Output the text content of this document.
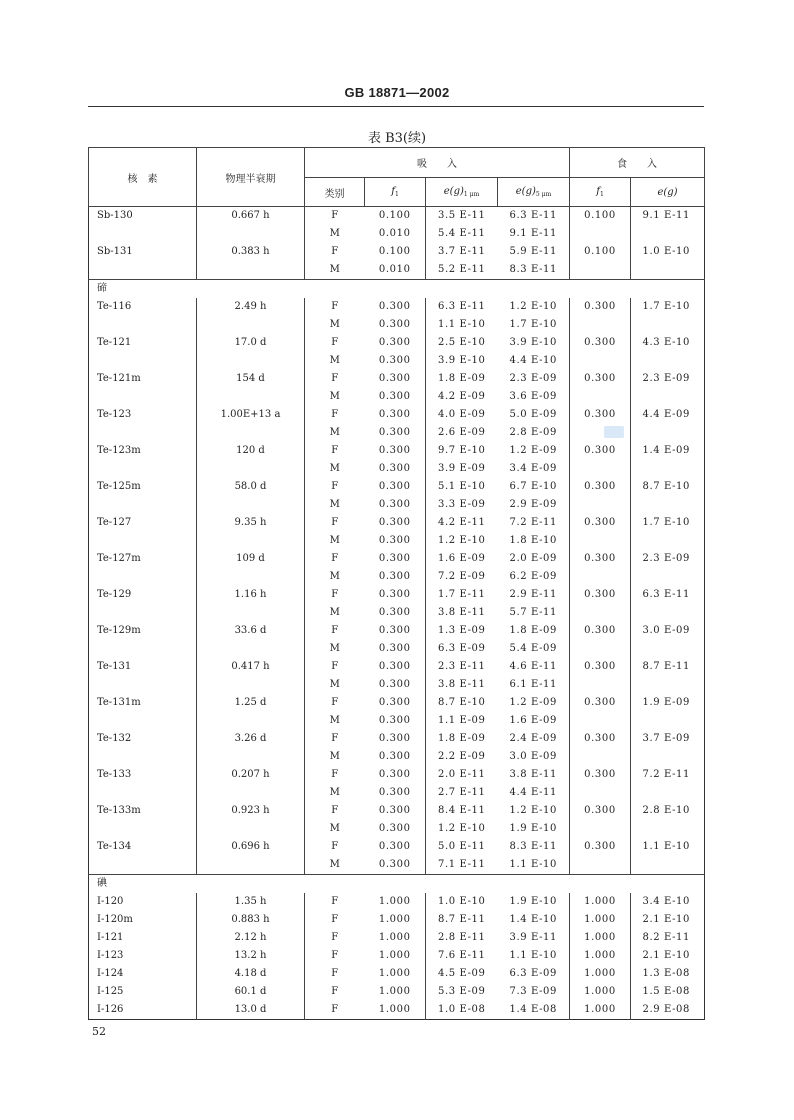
GB 18871—2002
表 B3(续)
核　素	物理半衰期	吸　　入				食　　入	
		类别	$f_1$	$e(g)_{1 \mu m}$	$e(g)_{5 \mu m}$	$f_1$	e(g)
Sb-130	0.667 h	F	0.100	3.5 E-11	6.3 E-11	0.100	9.1 E-11
		M	0.010	5.4 E-11	9.1 E-11		
Sb-131	0.383 h	F	0.100	3.7 E-11	5.9 E-11	0.100	1.0 E-10
		M	0.010	5.2 E-11	8.3 E-11		
碲							
Te-116	2.49 h	F	0.300	6.3 E-11	1.2 E-10	0.300	1.7 E-10
		M	0.300	1.1 E-10	1.7 E-10		
Te-121	17.0 d	F	0.300	2.5 E-10	3.9 E-10	0.300	4.3 E-10
		M	0.300	3.9 E-10	4.4 E-10		
Te-121m	154 d	F	0.300	1.8 E-09	2.3 E-09	0.300	2.3 E-09
		M	0.300	4.2 E-09	3.6 E-09		
Te-123	1.00E+13 a	F	0.300	4.0 E-09	5.0 E-09	0.300	4.4 E-09
		M	0.300	2.6 E-09	2.8 E-09		
Te-123m	120 d	F	0.300	9.7 E-10	1.2 E-09	0.300	1.4 E-09
		M	0.300	3.9 E-09	3.4 E-09		
Te-125m	58.0 d	F	0.300	5.1 E-10	6.7 E-10	0.300	8.7 E-10
		M	0.300	3.3 E-09	2.9 E-09		
Te-127	9.35 h	F	0.300	4.2 E-11	7.2 E-11	0.300	1.7 E-10
		M	0.300	1.2 E-10	1.8 E-10		
Te-127m	109 d	F	0.300	1.6 E-09	2.0 E-09	0.300	2.3 E-09
		M	0.300	7.2 E-09	6.2 E-09		
Te-129	1.16 h	F	0.300	1.7 E-11	2.9 E-11	0.300	6.3 E-11
		M	0.300	3.8 E-11	5.7 E-11		
Te-129m	33.6 d	F	0.300	1.3 E-09	1.8 E-09	0.300	3.0 E-09
		M	0.300	6.3 E-09	5.4 E-09		
Te-131	0.417 h	F	0.300	2.3 E-11	4.6 E-11	0.300	8.7 E-11
		M	0.300	3.8 E-11	6.1 E-11		
Te-131m	1.25 d	F	0.300	8.7 E-10	1.2 E-09	0.300	1.9 E-09
		M	0.300	1.1 E-09	1.6 E-09		
Te-132	3.26 d	F	0.300	1.8 E-09	2.4 E-09	0.300	3.7 E-09
		M	0.300	2.2 E-09	3.0 E-09		
Te-133	0.207 h	F	0.300	2.0 E-11	3.8 E-11	0.300	7.2 E-11
		M	0.300	2.7 E-11	4.4 E-11		
Te-133m	0.923 h	F	0.300	8.4 E-11	1.2 E-10	0.300	2.8 E-10
		M	0.300	1.2 E-10	1.9 E-10		
Te-134	0.696 h	F	0.300	5.0 E-11	8.3 E-11	0.300	1.1 E-10
		M	0.300	7.1 E-11	1.1 E-10		
碘							
I-120	1.35 h	F	1.000	1.0 E-10	1.9 E-10	1.000	3.4 E-10
I-120m	0.883 h	F	1.000	8.7 E-11	1.4 E-10	1.000	2.1 E-10
I-121	2.12 h	F	1.000	2.8 E-11	3.9 E-11	1.000	8.2 E-11
I-123	13.2 h	F	1.000	7.6 E-11	1.1 E-10	1.000	2.1 E-10
I-124	4.18 d	F	1.000	4.5 E-09	6.3 E-09	1.000	1.3 E-08
I-125	60.1 d	F	1.000	5.3 E-09	7.3 E-09	1.000	1.5 E-08
I-126	13.0 d	F	1.000	1.0 E-08	1.4 E-08	1.000	2.9 E-08
52
